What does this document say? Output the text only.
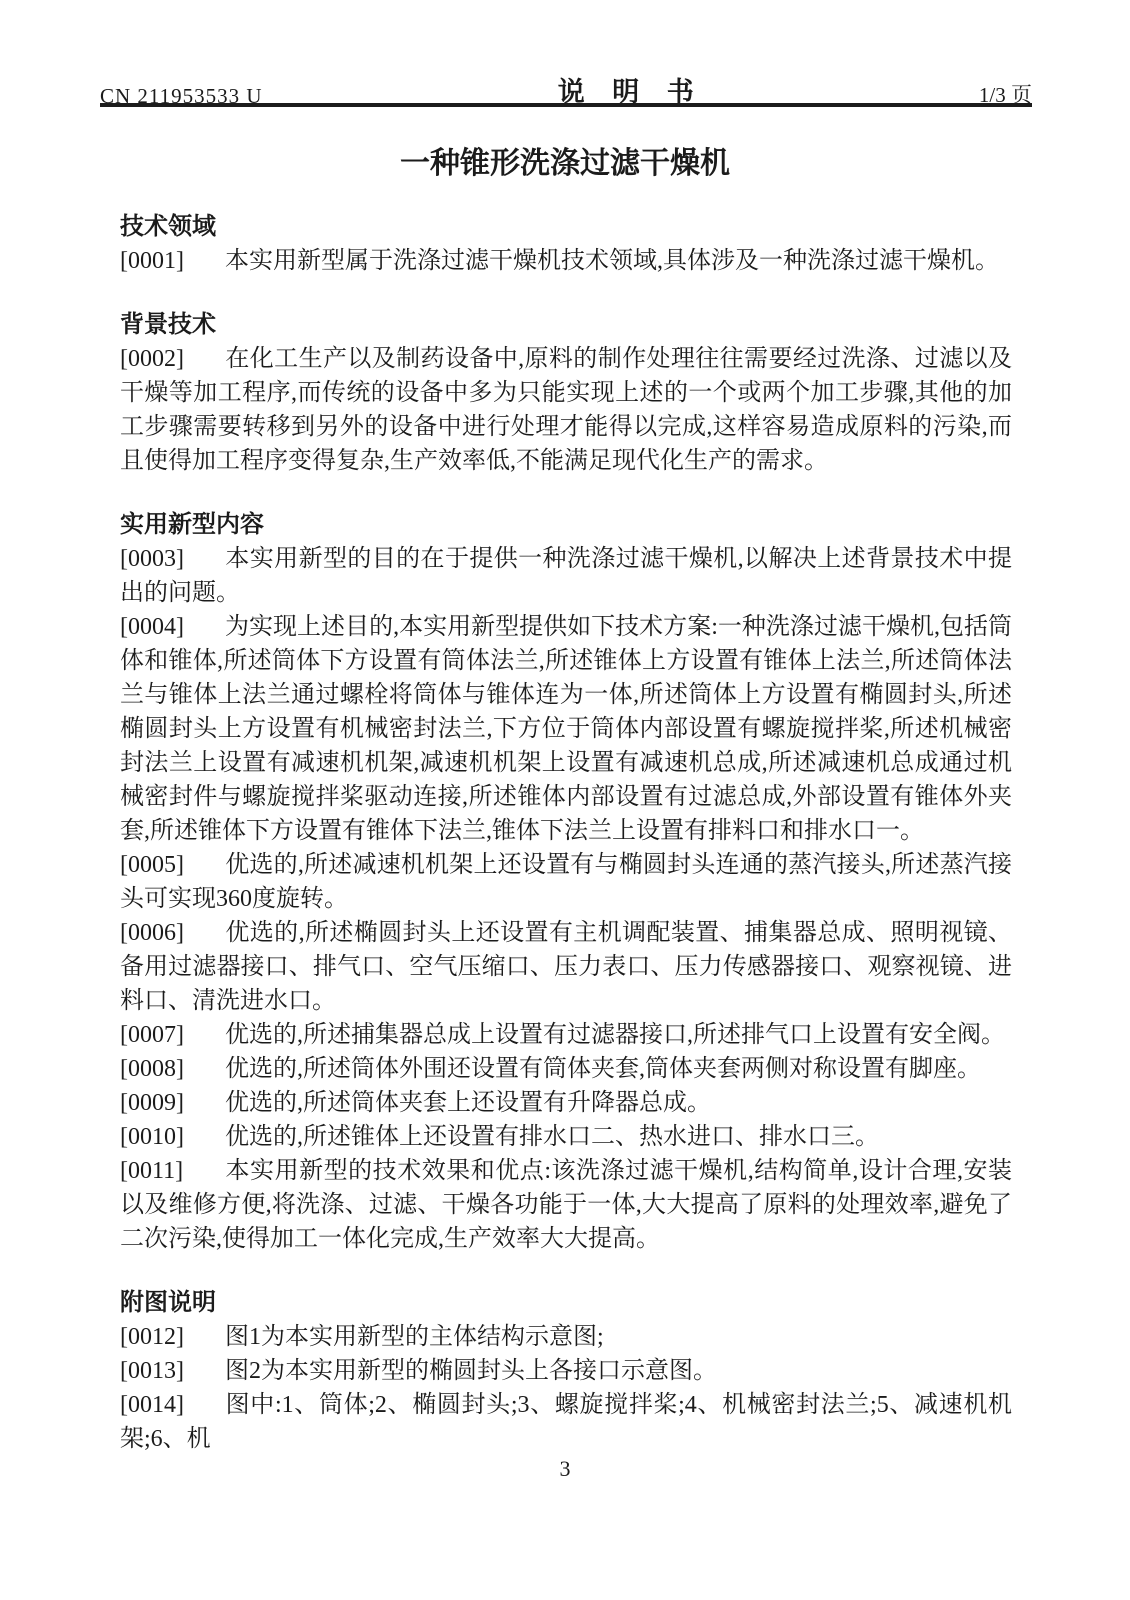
CN 211953533 U	说 明 书	1/3 页
一种锥形洗涤过滤干燥机
技术领域

[0001] 本实用新型属于洗涤过滤干燥机技术领域,具体涉及一种洗涤过滤干燥机。

背景技术

[0002] 在化工生产以及制药设备中,原料的制作处理往往需要经过洗涤、过滤以及干燥等加工程序,而传统的设备中多为只能实现上述的一个或两个加工步骤,其他的加工步骤需要转移到另外的设备中进行处理才能得以完成,这样容易造成原料的污染,而且使得加工程序变得复杂,生产效率低,不能满足现代化生产的需求。

实用新型内容

[0003] 本实用新型的目的在于提供一种洗涤过滤干燥机,以解决上述背景技术中提出的问题。

[0004] 为实现上述目的,本实用新型提供如下技术方案:一种洗涤过滤干燥机,包括筒体和锥体,所述筒体下方设置有筒体法兰,所述锥体上方设置有锥体上法兰,所述筒体法兰与锥体上法兰通过螺栓将筒体与锥体连为一体,所述筒体上方设置有椭圆封头,所述椭圆封头上方设置有机械密封法兰,下方位于筒体内部设置有螺旋搅拌桨,所述机械密封法兰上设置有减速机机架,减速机机架上设置有减速机总成,所述减速机总成通过机械密封件与螺旋搅拌桨驱动连接,所述锥体内部设置有过滤总成,外部设置有锥体外夹套,所述锥体下方设置有锥体下法兰,锥体下法兰上设置有排料口和排水口一。

[0005] 优选的,所述减速机机架上还设置有与椭圆封头连通的蒸汽接头,所述蒸汽接头可实现360度旋转。

[0006] 优选的,所述椭圆封头上还设置有主机调配装置、捕集器总成、照明视镜、备用过滤器接口、排气口、空气压缩口、压力表口、压力传感器接口、观察视镜、进料口、清洗进水口。

[0007] 优选的,所述捕集器总成上设置有过滤器接口,所述排气口上设置有安全阀。

[0008] 优选的,所述筒体外围还设置有筒体夹套,筒体夹套两侧对称设置有脚座。

[0009] 优选的,所述筒体夹套上还设置有升降器总成。

[0010] 优选的,所述锥体上还设置有排水口二、热水进口、排水口三。

[0011] 本实用新型的技术效果和优点:该洗涤过滤干燥机,结构简单,设计合理,安装以及维修方便,将洗涤、过滤、干燥各功能于一体,大大提高了原料的处理效率,避免了二次污染,使得加工一体化完成,生产效率大大提高。

附图说明

[0012] 图1为本实用新型的主体结构示意图;

[0013] 图2为本实用新型的椭圆封头上各接口示意图。

[0014] 图中:1、筒体;2、椭圆封头;3、螺旋搅拌桨;4、机械密封法兰;5、减速机机架;6、机

3
